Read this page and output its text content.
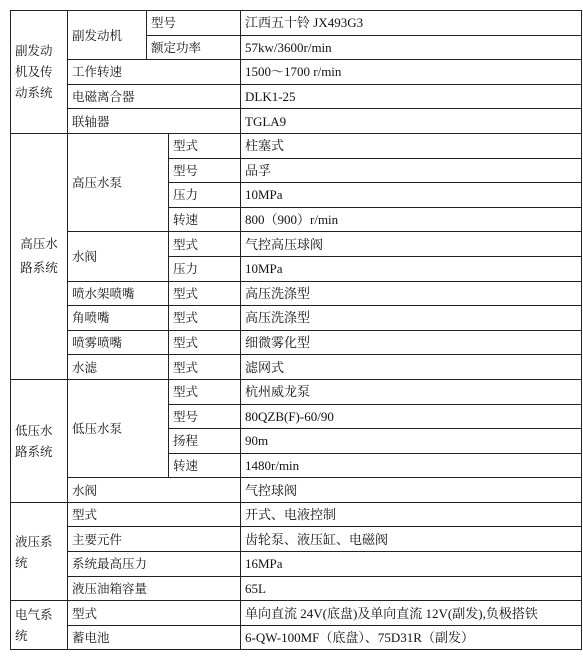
副发动机及传动系统	副发动机	型号		江西五十铃 JX493G3
		额定功率		57kw/3600r/min
	工作转速			1500～1700 r/min
	电磁离合器			DLK1-25
	联轴器			TGLA9
高压水路系统	高压水泵		型式	柱塞式
			型号	品孚
			压力	10MPa
			转速	800（900）r/min
	水阀		型式	气控高压球阀
			压力	10MPa
	喷水架喷嘴		型式	高压洗涤型
	角喷嘴		型式	高压洗涤型
	喷雾喷嘴		型式	细微雾化型
	水滤		型式	滤网式
低压水路系统	低压水泵		型式	杭州威龙泵
			型号	80QZB(F)-60/90
			扬程	90m
			转速	1480r/min
	水阀			气控球阀
液压系统	型式			开式、电液控制
	主要元件			齿轮泵、液压缸、电磁阀
	系统最高压力			16MPa
	液压油箱容量			65L
电气系统	型式			单向直流 24V(底盘)及单向直流 12V(副发),负极搭铁
	蓄电池			6-QW-100MF（底盘）、75D31R（副发）
